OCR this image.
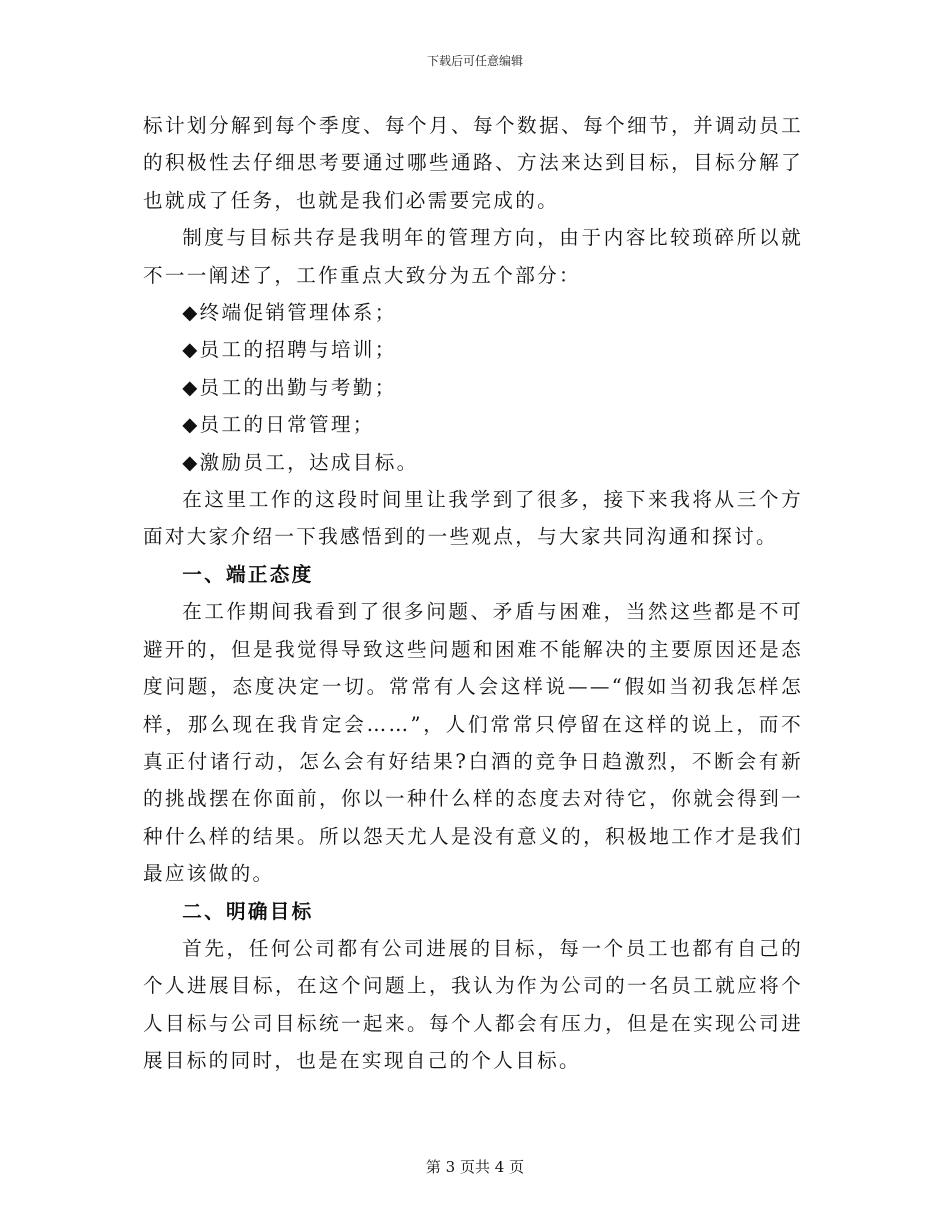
下载后可任意编辑

标计划分解到每个季度、每个月、每个数据、每个细节，并调动员工的积极性去仔细思考要通过哪些通路、方法来达到目标，目标分解了也就成了任务，也就是我们必需要完成的。

制度与目标共存是我明年的管理方向，由于内容比较琐碎所以就不一一阐述了，工作重点大致分为五个部分：

◆终端促销管理体系；

◆员工的招聘与培训；

◆员工的出勤与考勤；

◆员工的日常管理；

◆激励员工，达成目标。

在这里工作的这段时间里让我学到了很多，接下来我将从三个方面对大家介绍一下我感悟到的一些观点，与大家共同沟通和探讨。

一、端正态度

在工作期间我看到了很多问题、矛盾与困难，当然这些都是不可避开的，但是我觉得导致这些问题和困难不能解决的主要原因还是态度问题，态度决定一切。常常有人会这样说——“假如当初我怎样怎样，那么现在我肯定会……”，人们常常只停留在这样的说上，而不真正付诸行动，怎么会有好结果?白酒的竞争日趋激烈，不断会有新的挑战摆在你面前，你以一种什么样的态度去对待它，你就会得到一种什么样的结果。所以怨天尤人是没有意义的，积极地工作才是我们最应该做的。

二、明确目标

首先，任何公司都有公司进展的目标，每一个员工也都有自己的个人进展目标，在这个问题上，我认为作为公司的一名员工就应将个人目标与公司目标统一起来。每个人都会有压力，但是在实现公司进展目标的同时，也是在实现自己的个人目标。

第 3 页共 4 页
